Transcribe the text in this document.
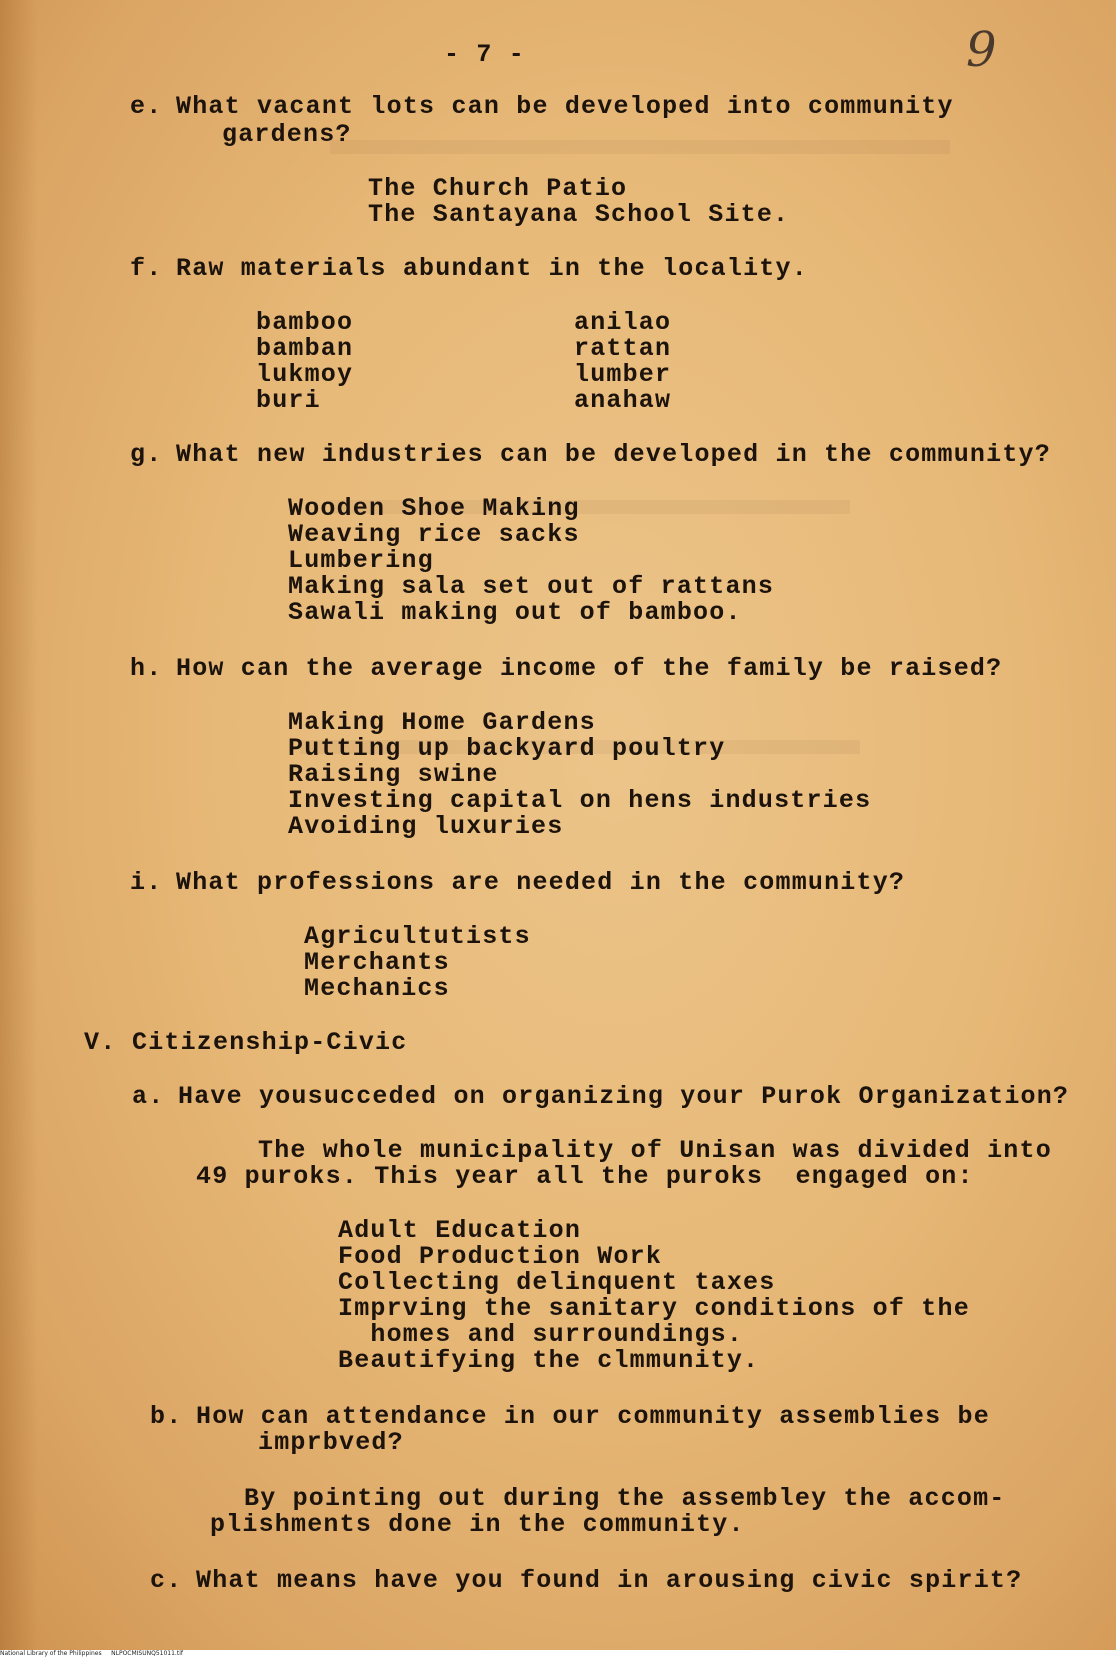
9
- 7 -
e. What vacant lots can be developed into community
gardens?
The Church Patio
The Santayana School Site.
f. Raw materials abundant in the locality.
bamboo
bamban
lukmoy
buri
anilao
rattan
lumber
anahaw
g. What new industries can be developed in the community?
Wooden Shoe Making
Weaving rice sacks
Lumbering
Making sala set out of rattans
Sawali making out of bamboo.
h. How can the average income of the family be raised?
Making Home Gardens
Putting up backyard poultry
Raising swine
Investing capital on hens industries
Avoiding luxuries
i. What professions are needed in the community?
Agricultutists
Merchants
Mechanics
V. Citizenship-Civic
a. Have yousucceded on organizing your Purok Organization?
The whole municipality of Unisan was divided into
49 puroks. This year all the puroks  engaged on:
Adult Education
Food Production Work
Collecting delinquent taxes
Imprving the sanitary conditions of the
homes and surroundings.
Beautifying the clmmunity.
b. How can attendance in our community assemblies be
imprbved?
By pointing out during the assembley the accom-
plishments done in the community.
c. What means have you found in arousing civic spirit?
National Library of the Philippines NLPOCMISUNQ51011.tif
